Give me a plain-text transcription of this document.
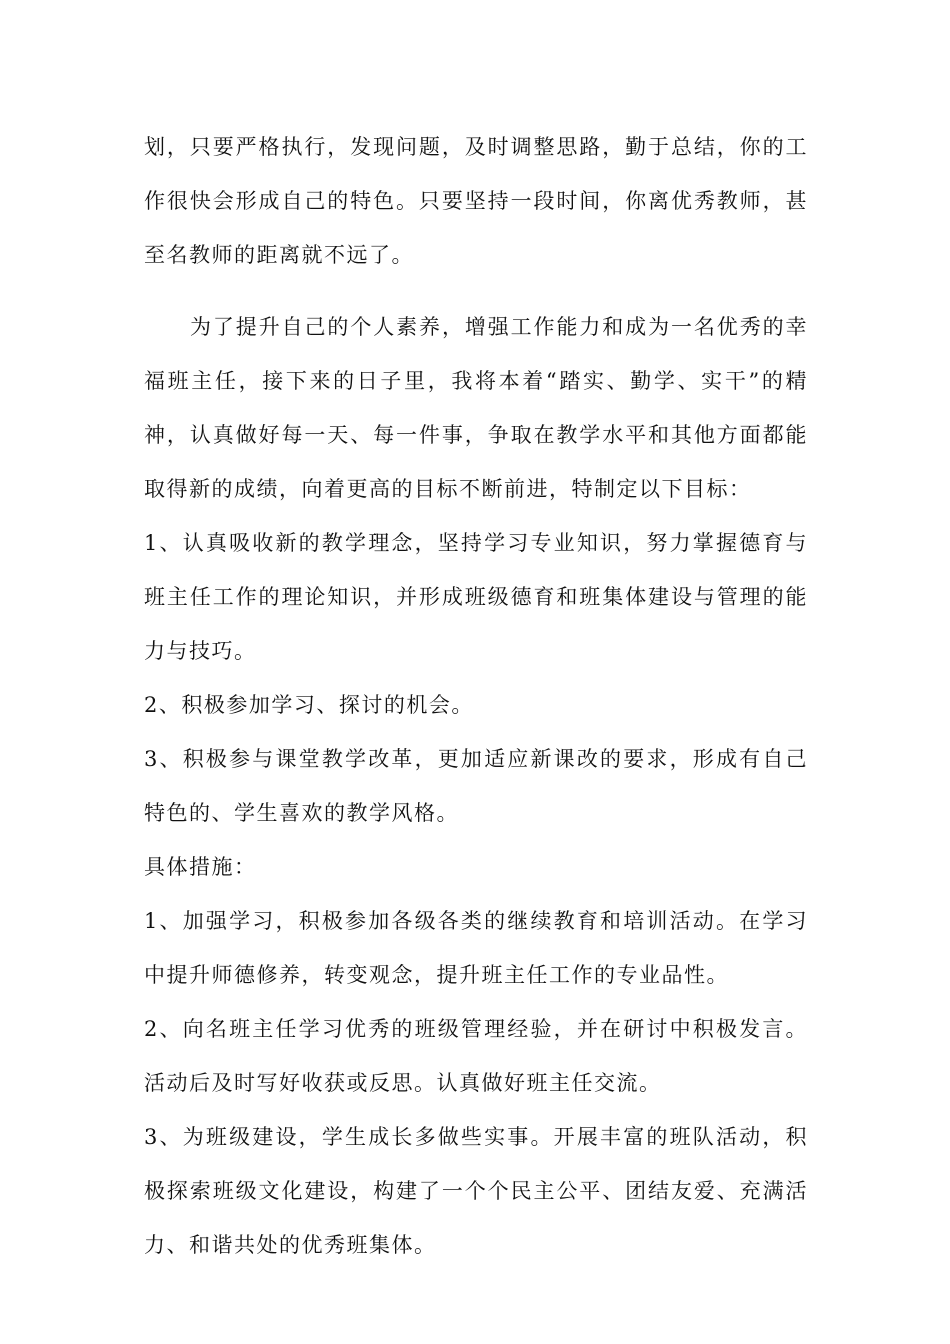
划，只要严格执行，发现问题，及时调整思路，勤于总结，你的工作很快会形成自己的特色。只要坚持一段时间，你离优秀教师，甚至名教师的距离就不远了。

为了提升自己的个人素养，增强工作能力和成为一名优秀的幸福班主任，接下来的日子里，我将本着“踏实、勤学、实干”的精神，认真做好每一天、每一件事，争取在教学水平和其他方面都能取得新的成绩，向着更高的目标不断前进，特制定以下目标：

1、认真吸收新的教学理念，坚持学习专业知识，努力掌握德育与班主任工作的理论知识，并形成班级德育和班集体建设与管理的能力与技巧。

2、积极参加学习、探讨的机会。

3、积极参与课堂教学改革，更加适应新课改的要求，形成有自己特色的、学生喜欢的教学风格。

具体措施：

1、加强学习，积极参加各级各类的继续教育和培训活动。在学习中提升师德修养，转变观念，提升班主任工作的专业品性。

2、向名班主任学习优秀的班级管理经验，并在研讨中积极发言。活动后及时写好收获或反思。认真做好班主任交流。

3、为班级建设，学生成长多做些实事。开展丰富的班队活动，积极探索班级文化建设，构建了一个个民主公平、团结友爱、充满活力、和谐共处的优秀班集体。
